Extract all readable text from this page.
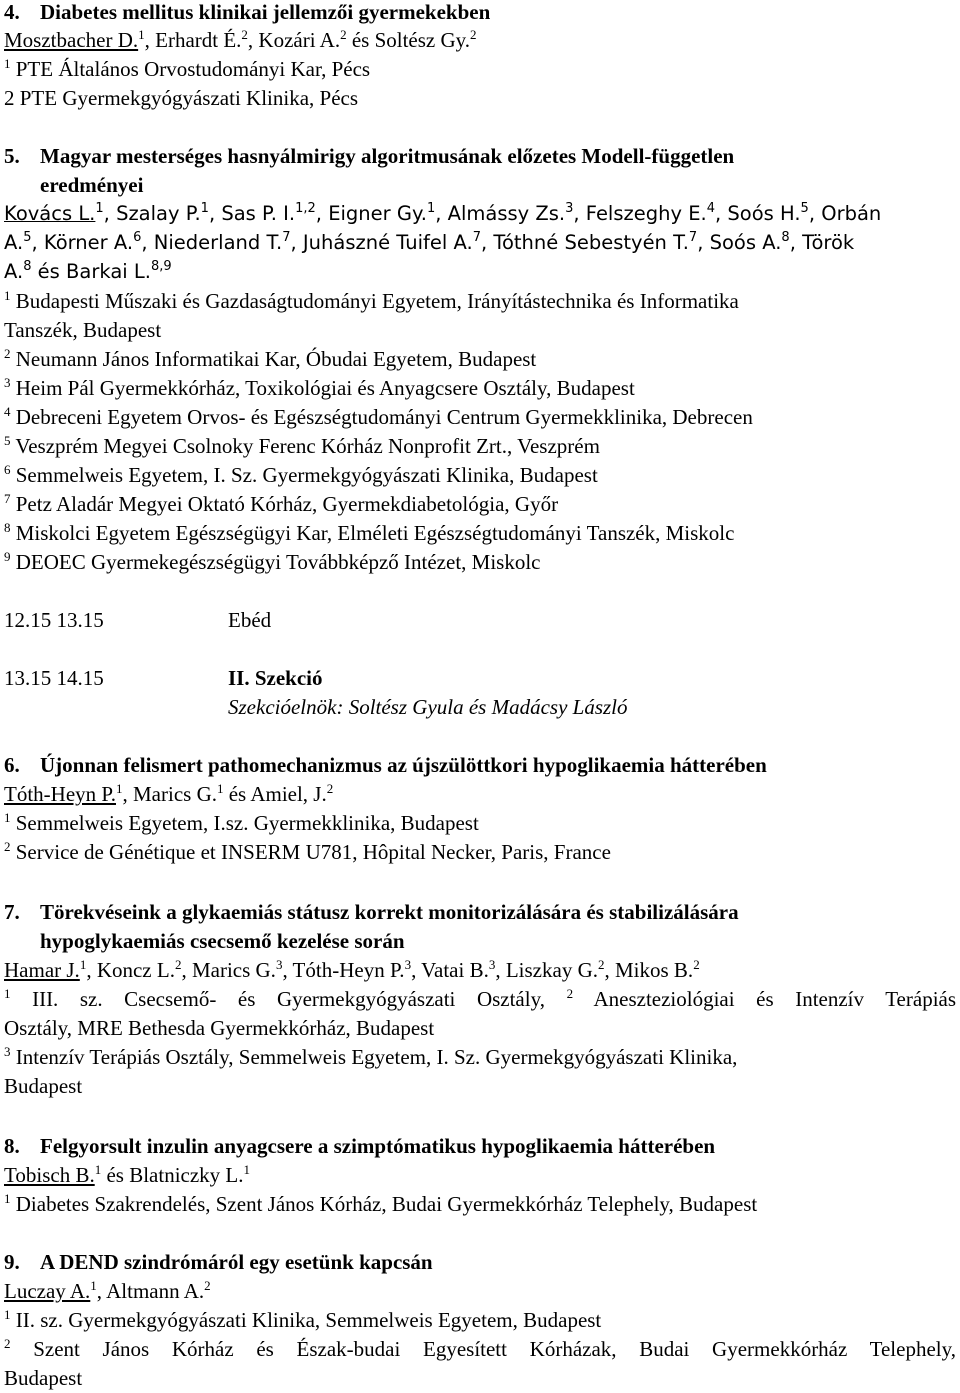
4. Diabetes mellitus klinikai jellemzői gyermekekben
Mosztbacher D.$^1$, Erhardt É.$^2$, Kozári A.$^2$ és Soltész Gy.$^2$
$^1$ PTE Általános Orvostudományi Kar, Pécs
2 PTE Gyermekgyógyászati Klinika, Pécs
5. Magyar mesterséges hasnyálmirigy algoritmusának előzetes Modell-független
eredményei
Kovács L.$^1$, Szalay P.$^1$, Sas P. I.$^{1,2}$, Eigner Gy.$^1$, Almássy Zs.$^3$, Felszeghy E.$^4$, Soós H.$^5$, Orbán
A.$^5$, Körner A.$^6$, Niederland T.$^7$, Juhászné Tuifel A.$^7$, Tóthné Sebestyén T.$^7$, Soós A.$^8$, Török
A.$^8$ és Barkai L.$^{8,9}$
$^1$ Budapesti Műszaki és Gazdaságtudományi Egyetem, Irányítástechnika és Informatika
Tanszék, Budapest
$^2$ Neumann János Informatikai Kar, Óbudai Egyetem, Budapest
$^3$ Heim Pál Gyermekkórház, Toxikológiai és Anyagcsere Osztály, Budapest
$^4$ Debreceni Egyetem Orvos- és Egészségtudományi Centrum Gyermekklinika, Debrecen
$^5$ Veszprém Megyei Csolnoky Ferenc Kórház Nonprofit Zrt., Veszprém
$^6$ Semmelweis Egyetem, I. Sz. Gyermekgyógyászati Klinika, Budapest
$^7$ Petz Aladár Megyei Oktató Kórház, Gyermekdiabetológia, Győr
$^8$ Miskolci Egyetem Egészségügyi Kar, Elméleti Egészségtudományi Tanszék, Miskolc
$^9$ DEOEC Gyermekegészségügyi Továbbképző Intézet, Miskolc
12.15 13.15	Ebéd
13.15 14.15	II. Szekció
Szekcióelnök: Soltész Gyula és Madácsy László
6. Újonnan felismert pathomechanizmus az újszülöttkori hypoglikaemia hátterében
Tóth-Heyn P.$^1$, Marics G.$^1$ és Amiel, J.$^2$
$^1$ Semmelweis Egyetem, I.sz. Gyermekklinika, Budapest
$^2$ Service de Génétique et INSERM U781, Hôpital Necker, Paris, France
7. Törekvéseink a glykaemiás státusz korrekt monitorizálására és stabilizálására
hypoglykaemiás csecsemő kezelése során
Hamar J.$^1$, Koncz L.$^2$, Marics G.$^3$, Tóth-Heyn P.$^3$, Vatai B.$^3$, Liszkay G.$^2$, Mikos B.$^2$
$^1$ III. sz. Csecsemő- és Gyermekgyógyászati Osztály, $^2$ Aneszteziológiai és Intenzív Terápiás
Osztály, MRE Bethesda Gyermekkórház, Budapest
$^3$ Intenzív Terápiás Osztály, Semmelweis Egyetem, I. Sz. Gyermekgyógyászati Klinika,
Budapest
8. Felgyorsult inzulin anyagcsere a szimptómatikus hypoglikaemia hátterében
Tobisch B.$^1$ és Blatniczky L.$^1$
$^1$ Diabetes Szakrendelés, Szent János Kórház, Budai Gyermekkórház Telephely, Budapest
9. A DEND szindrómáról egy esetünk kapcsán
Luczay A.$^1$, Altmann A.$^2$
$^1$ II. sz. Gyermekgyógyászati Klinika, Semmelweis Egyetem, Budapest
$^2$ Szent János Kórház és Észak-budai Egyesített Kórházak, Budai Gyermekkórház Telephely,
Budapest
